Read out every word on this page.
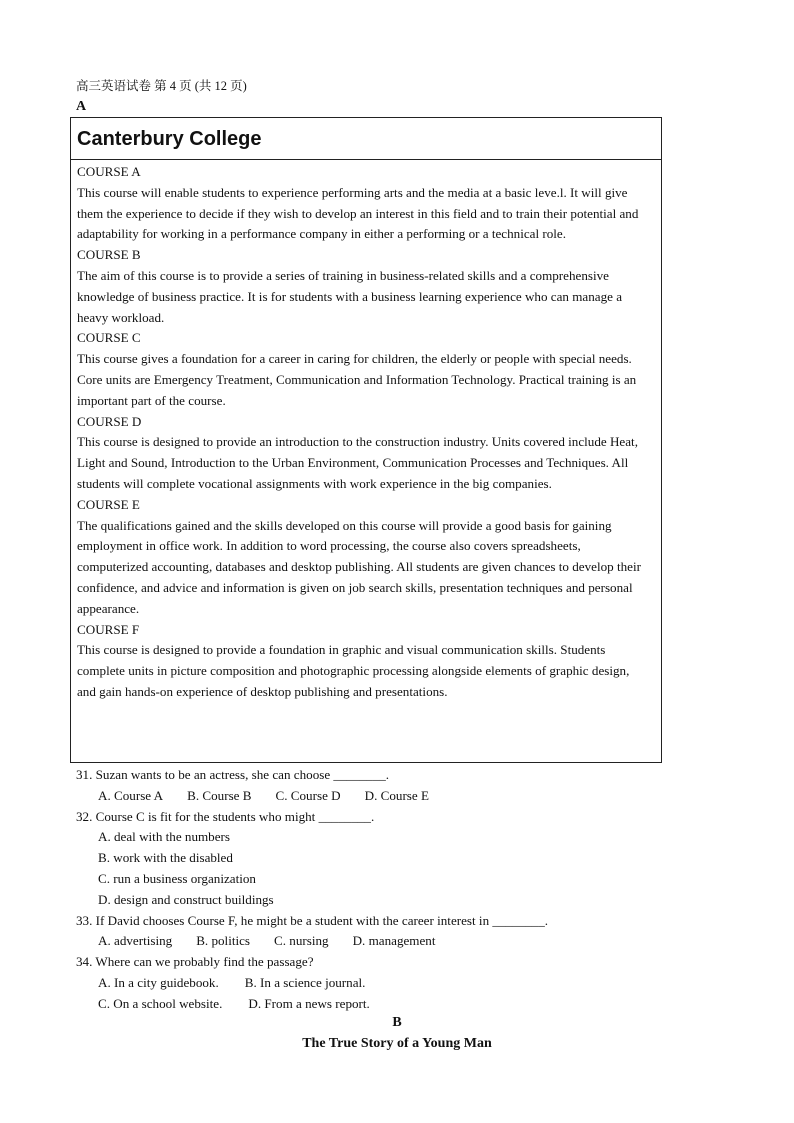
高三英语试卷 第 4 页 (共 12 页)
A
Canterbury College
COURSE A
This course will enable students to experience performing arts and the media at a basic leve.l. It will give them the experience to decide if they wish to develop an interest in this field and to train their potential and adaptability for working in a performance company in either a performing or a technical role.
COURSE B
The aim of this course is to provide a series of training in business-related skills and a comprehensive knowledge of business practice. It is for students with a business learning experience who can manage a heavy workload.
COURSE C
This course gives a foundation for a career in caring for children, the elderly or people with special needs. Core units are Emergency Treatment, Communication and Information Technology. Practical training is an important part of the course.
COURSE D
This course is designed to provide an introduction to the construction industry. Units covered include Heat, Light and Sound, Introduction to the Urban Environment, Communication Processes and Techniques. All students will complete vocational assignments with work experience in the big companies.
COURSE E
The qualifications gained and the skills developed on this course will provide a good basis for gaining employment in office work. In addition to word processing, the course also covers spreadsheets, computerized accounting, databases and desktop publishing. All students are given chances to develop their confidence, and advice and information is given on job search skills, presentation techniques and personal appearance.
COURSE F
This course is designed to provide a foundation in graphic and visual communication skills. Students complete units in picture composition and photographic processing alongside elements of graphic design, and gain hands-on experience of desktop publishing and presentations.
31. Suzan wants to be an actress, she can choose ________.
A. Course A B. Course B C. Course D D. Course E
32. Course C is fit for the students who might ________.
A. deal with the numbers
B. work with the disabled
C. run a business organization
D. design and construct buildings
33. If David chooses Course F, he might be a student with the career interest in ________.
A. advertising B. politics C. nursing D. management
34. Where can we probably find the passage?
A. In a city guidebook. B. In a science journal.
C. On a school website. D. From a news report.
B
The True Story of a Young Man
